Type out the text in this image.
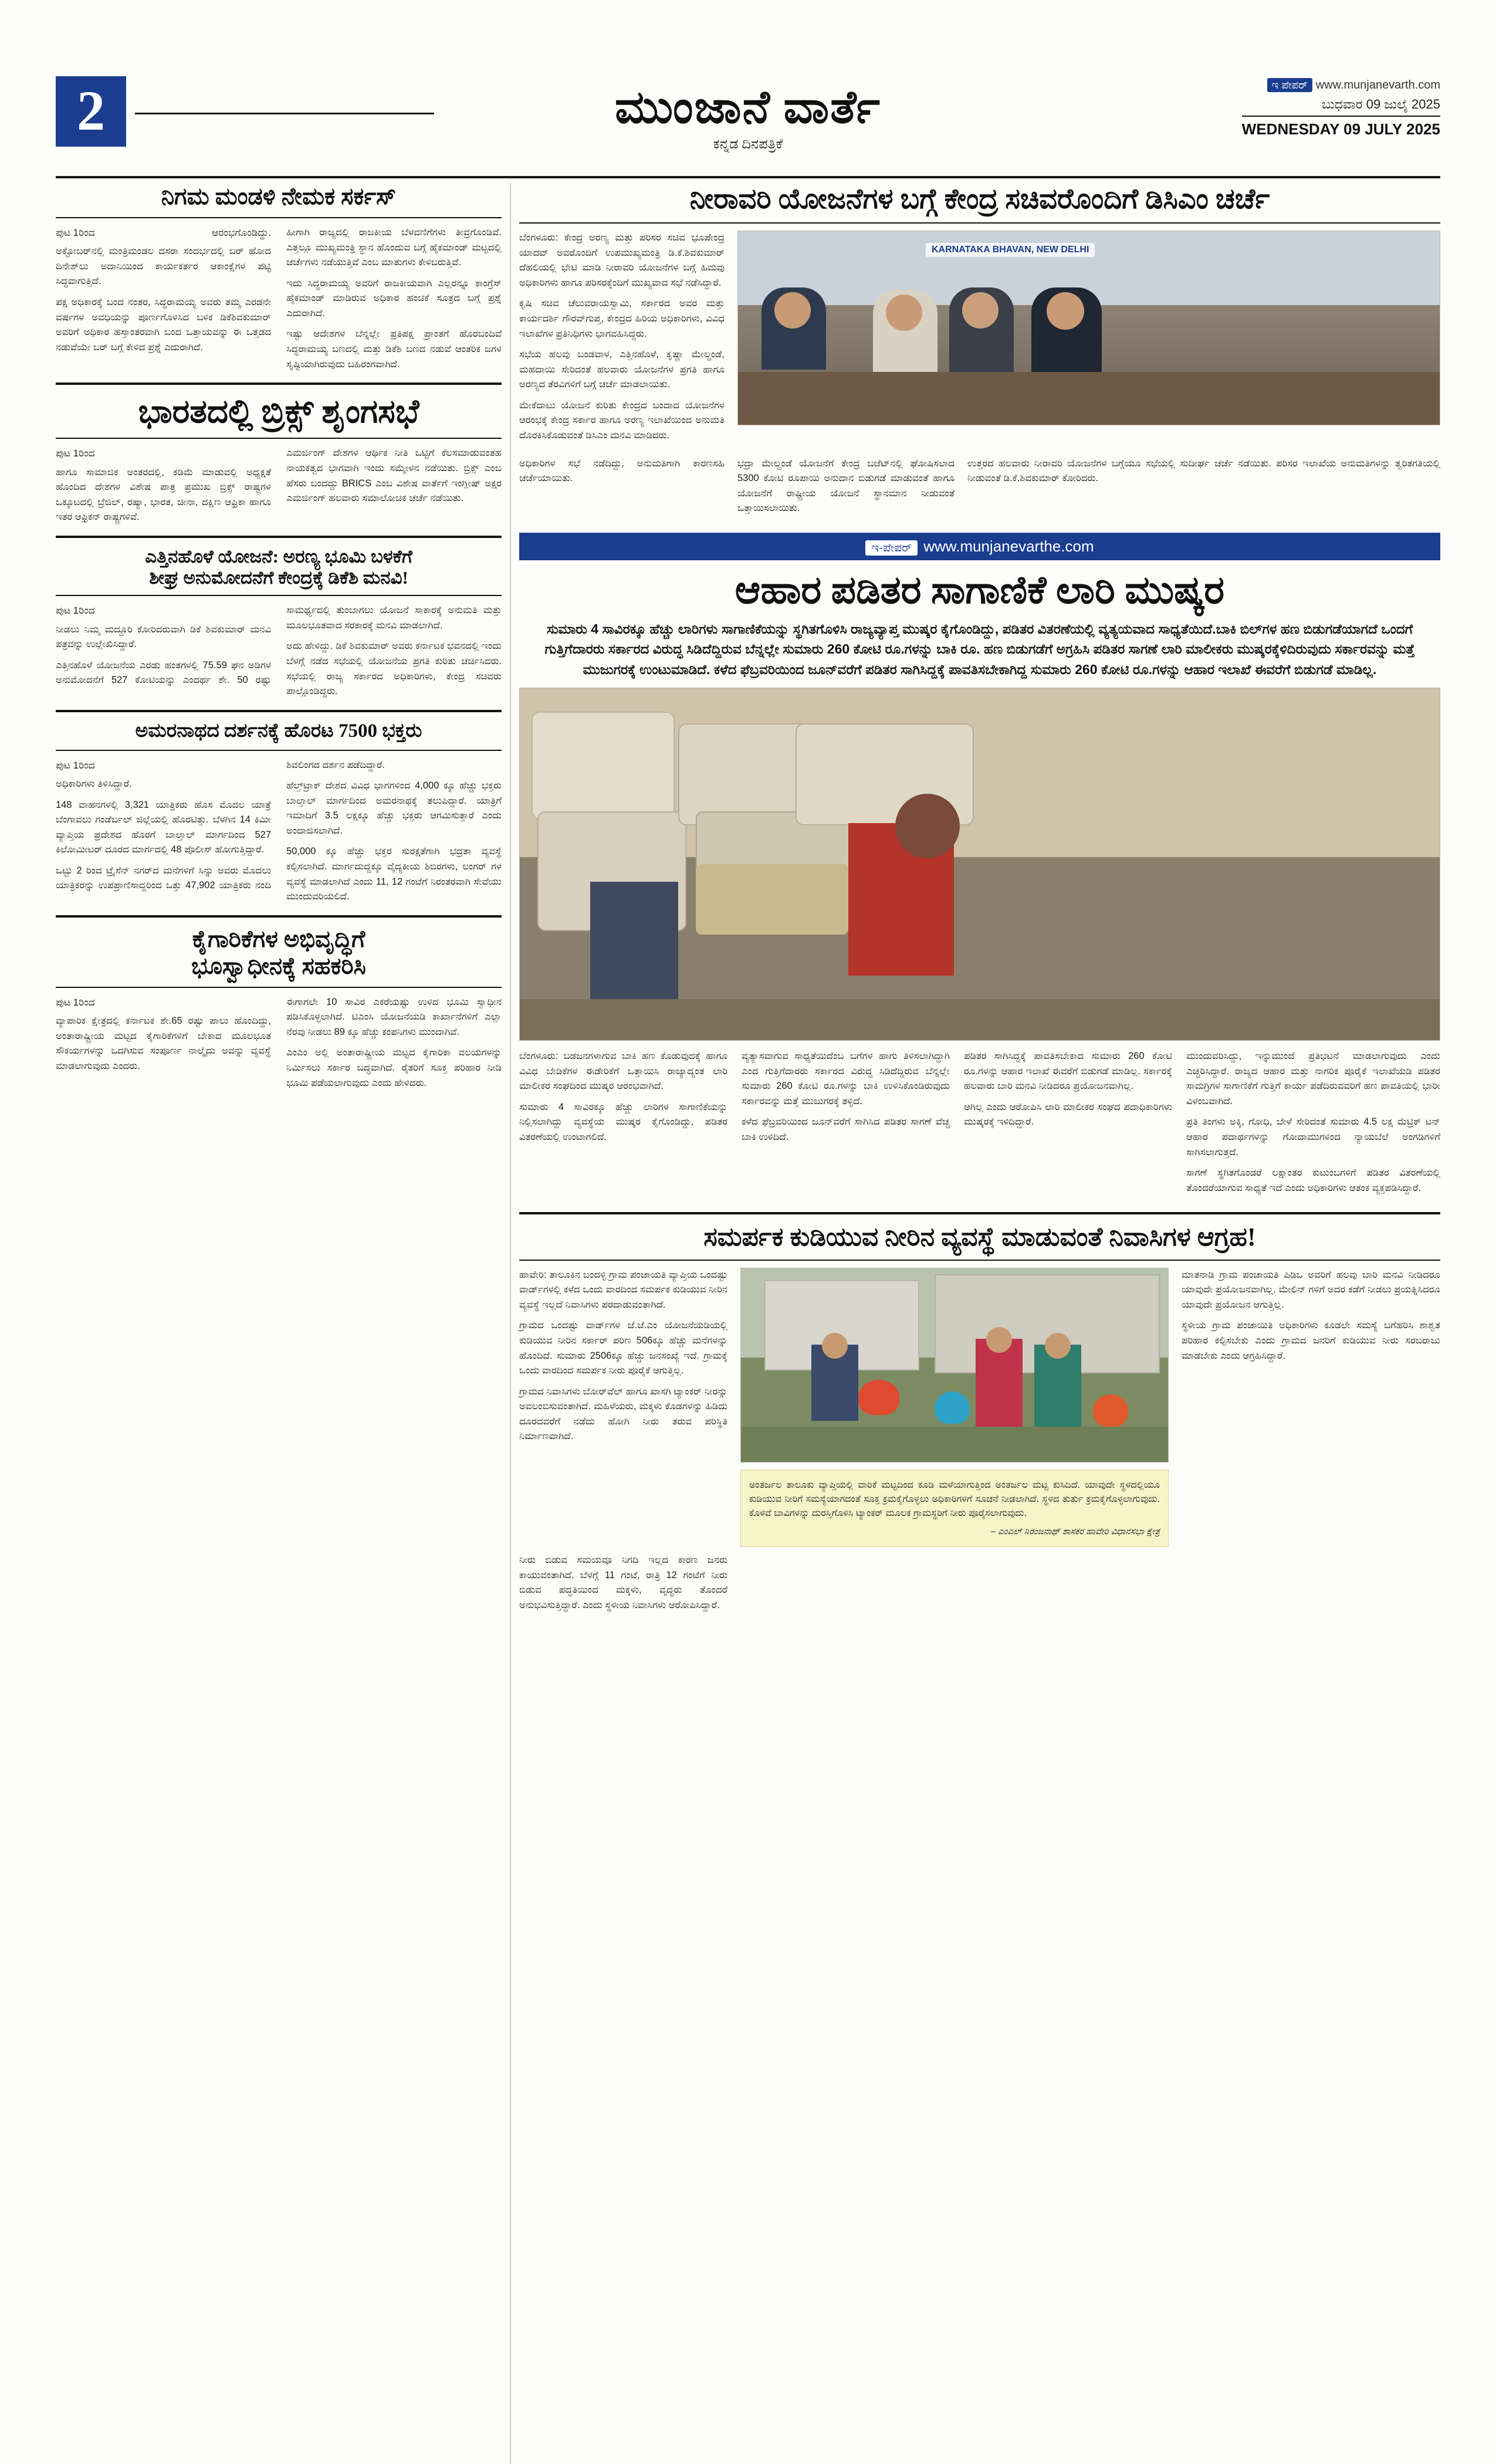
2	ಮುಂಜಾನೆ ವಾರ್ತೆ
ಕನ್ನಡ ದಿನಪತ್ರಿಕೆ
ಇ ಪೇಪರ್ www.munjanevarth.com
ಬುಧವಾರ 09 ಜುಲೈ 2025
WEDNESDAY 09 JULY 2025
ನಿಗಮ ಮಂಡಳಿ ನೇಮಕ ಸರ್ಕಸ್
ಪುಟ 1ರಿಂದ	ಆರಂಭಗೊಂಡಿದ್ದು.

ಅಕ್ಟೋಬರ್‌ನಲ್ಲಿ ಮಂತ್ರಿಮಂಡಲ ದಸರಾ ಸಂದರ್ಭದಲ್ಲಿ ಬರ್ ಹೋದ ದಿನೇಶ್‌ಲು ಅದಾನಿಯಿಂದ ಕಾರ್ಯಕರ್ತರ ಆಕಾಂಕ್ಷೆಗಳ ಪಟ್ಟಿ ಸಿದ್ಧವಾಗುತ್ತಿದೆ.

ಪಕ್ಷ ಅಧಿಕಾರಕ್ಕೆ ಬಂದ ನಂತರ, ಸಿದ್ಧರಾಮಯ್ಯ ಅವರು ತಮ್ಮ ಎರಡನೇ ವರ್ಷಗಳ ಅವಧಿಯನ್ನು ಪೂರ್ಣಗೊಳಿಸಿದ ಬಳಿಕ ಡಿಕೆಶಿವಕುಮಾರ್ ಅವರಿಗೆ ಅಧಿಕಾರ ಹಸ್ತಾಂತರವಾಗಿ ಬಂದ ಒತ್ತಾಯವನ್ನು ಈ ಒತ್ತಡದ ನಡುವೆಯೇ ಬರ್ ಬಗ್ಗೆ ಕೇಳಿದ ಪ್ರಶ್ನೆ ಎದುರಾಗಿದೆ.

ಹೀಗಾಗಿ ರಾಜ್ಯದಲ್ಲಿ ರಾಜಕೀಯ ಬೆಳವಣಿಗೆಗಳು ತೀವ್ರಗೊಂಡಿವೆ. ಎತ್ತಲ್ಲೂ ಮುಖ್ಯಮಂತ್ರಿ ಸ್ಥಾನ ಹೊಂದುವ ಬಗ್ಗೆ ಹೈಕಮಾಂಡ್ ಮಟ್ಟದಲ್ಲಿ ಚರ್ಚೆಗಳು ನಡೆಯುತ್ತಿವೆ ಎಂಬ ಮಾತುಗಳು ಕೇಳಿಬರುತ್ತಿವೆ.

ಇದು ಸಿದ್ಧರಾಮಯ್ಯ ಅವರಿಗೆ ರಾಜಕೀಯವಾಗಿ ಎಲ್ಲರನ್ನೂ ಕಾಂಗ್ರೆಸ್ ಹೈಕಮಾಂಡ್ ಮಾಡಿರುವ ಅಧಿಕಾರ ಹಂಚಿಕೆ ಸೂತ್ರದ ಬಗ್ಗೆ ಪ್ರಶ್ನೆ ಎದುರಾಗಿದೆ.

ಇಷ್ಟು ಆದೇಶಗಳ ಬೆನ್ನಲ್ಲೇ ಪ್ರತಿಪಕ್ಷ ಪ್ರಾಂತಗೆ ಹೊರಬಂದಿವೆ ಸಿದ್ಧರಾಮಯ್ಯ ಬಣದಲ್ಲಿ ಮತ್ತು ಡಿಕೆಶಿ ಬಣದ ನಡುವೆ ಆಂತರಿಕ ಜಗಳ ಸೃಷ್ಟಿಯಾಗಿರುವುದು ಬಹಿರಂಗವಾಗಿದೆ.

ಭಾರತದಲ್ಲಿ ಬ್ರಿಕ್ಸ್ ಶೃಂಗಸಭೆ
ಪುಟ 1ರಿಂದ

ಹಾಗೂ ಸಾಮಾಜಿಕ ಅಂತರದಲ್ಲಿ, ಕಡಿಮೆ ಮಾಡುವಲ್ಲಿ ಅಧ್ಯಕ್ಷತೆ ಹೊಂದಿದ ದೇಶಗಳ ವಿಶೇಷ ಪಾತ್ರ ಪ್ರಮುಖ ಬ್ರಿಕ್ಸ್ ರಾಷ್ಟ್ರಗಳ ಒಕ್ಕೂಟದಲ್ಲಿ ಬ್ರೆಜಿಲ್, ರಷ್ಯಾ, ಭಾರತ, ಚೀನಾ, ದಕ್ಷಿಣ ಆಫ್ರಿಕಾ ಹಾಗೂ ಇತರ ಆಫ್ರಿಕನ್ ರಾಷ್ಟ್ರಗಳಿವೆ.

ಎಮರ್ಜಿಂಗ್ ದೇಶಗಳ ಆರ್ಥಿಕ ನೀತಿ ಒಟ್ಟಿಗೆ ಕೆಲಸಮಾಡುವಂತಹ ನಾಯಕತ್ವದ ಭಾಗವಾಗಿ ಇಂದು ಸಮ್ಮೇಳನ ನಡೆಯಿತು. ಬ್ರಿಕ್ಸ್ ಎಂಬ ಹೆಸರು ಬಂದದ್ದು BRICS ಎಂಬ ವಿಶೇಷ ವಾರ್ತೆಗೆ ಇಂಗ್ಲೀಷ್ ಅಕ್ಷರ ಎಮರ್ಜಿಂಗ್ ಹಲವಾರು ಸಮಾಲೋಚಿಕ ಚರ್ಚೆ ನಡೆಯಿತು.

ಎತ್ತಿನಹೊಳೆ ಯೋಜನೆ: ಅರಣ್ಯ ಭೂಮಿ ಬಳಕೆಗೆ
ಶೀಘ್ರ ಅನುಮೋದನೆಗೆ ಕೇಂದ್ರಕ್ಕೆ ಡಿಕೆಶಿ ಮನವಿ!
ಪುಟ 1ರಿಂದ

ನೀಡಲು ನಿಮ್ಮ ಮದ್ದೂರಿ ಕೋರಿದರುವಾಗಿ ಡಿಕೆ ಶಿವಕುಮಾರ್ ಮನವಿ ಪತ್ರವನ್ನು ಉಲ್ಲೇಖಿಸಿದ್ದಾರೆ.

ಎತ್ತಿನಹೊಳೆ ಯೋಜನೆಯ ಎರಡು ಹಂತಗಳಲ್ಲಿ 75.59 ಘನ ಅಡಿಗಳ ಅನುಮೋದನೆಗೆ 527 ಕೋಟಿಯನ್ನು ಎಂದರ್ಥ ಶೇ. 50 ರಷ್ಟು ಸಾಮರ್ಥ್ಯದಲ್ಲಿ ತುಂಬಾಗಲು ಯೋಜನೆ ಸಾಕಾರಕ್ಕೆ ಅನುಮತಿ ಮತ್ತು ಮೂಲಭೂತವಾದ ಸರಕಾರಕ್ಕೆ ಮನವಿ ಮಾಡಲಾಗಿದೆ.

ಅದು ಹೇಳಿದ್ದು. ಡಿಕೆ ಶಿವಕುಮಾರ್ ಅವರು ಕರ್ನಾಟಕ ಭವನದಲ್ಲಿ ಇಂದು ಬೆಳಗ್ಗೆ ನಡೆದ ಸಭೆಯಲ್ಲಿ ಯೋಜನೆಯ ಪ್ರಗತಿ ಕುರಿತು ಚರ್ಚಿಸಿದರು. ಸಭೆಯಲ್ಲಿ ರಾಜ್ಯ ಸರ್ಕಾರದ ಅಧಿಕಾರಿಗಳು, ಕೇಂದ್ರ ಸಚಿವರು ಪಾಲ್ಗೊಂಡಿದ್ದರು.

ಅಮರನಾಥದ ದರ್ಶನಕ್ಕೆ ಹೊರಟ 7500 ಭಕ್ತರು
ಪುಟ 1ರಿಂದ

ಅಧಿಕಾರಿಗಳು ತಿಳಿಸಿದ್ದಾರೆ.

148 ವಾಹನಗಳಲ್ಲಿ 3,321 ಯಾತ್ರಿಕರು ಹೊಸ ಮೊದಲ ಯಾತ್ರೆ ಬೆಂಗಾವಲು ಗಂಡೆರ್ಬಲ್ ಜಿಲ್ಲೆಯಲ್ಲಿ ಹೊರಟಿತ್ತು. ಬೆಳಗಿನ 14 ಕಿಮೀ ವ್ಯಾಪ್ತಿಯ ಪ್ರದೇಶದ ಹೊರಗೆ ಬಾಲ್ತಾಲ್ ಮಾರ್ಗದಿಂದ 527 ಕಿಲೋಮೀಟರ್ ದೂರದ ಮಾರ್ಗದಲ್ಲಿ 48 ಪೊಲೀಸ್ ಹೋಗುತ್ತಿದ್ದಾರೆ.

ಒಟ್ಟು 2 ರಿಂದ ಟ್ರೈಸೆನ್ ನಗರ್‌ದ ಮನೆಗಳಿಗೆ ಸಿನ್ನು ಅವರು ಮೊದಲು ಯಾತ್ರಿಕರನ್ನು ಉಪಪ್ರಾಣಿಸಾದ್ದರಿಂದ ಒತ್ತು 47,902 ಯಾತ್ರಿಕರು ನಂದಿ ಶಿವಲಿಂಗದ ದರ್ಶನ ಪಡೆದಿದ್ದಾರೆ.

ಹೆಲ್ತ್‌ಟ್ರಾಕ್ ದೇಶದ ವಿವಿಧ ಭಾಗಗಳಿಂದ 4,000 ಕ್ಕೂ ಹೆಚ್ಚು ಭಕ್ತರು ಬಾಲ್ತಾಲ್ ಮಾರ್ಗದಿಂದ ಅಮರನಾಥಕ್ಕೆ ತಲುಪಿದ್ದಾರೆ. ಯಾತ್ರಿಗೆ ಇಮಾದಿಗೆ 3.5 ಲಕ್ಷಕ್ಕೂ ಹೆಚ್ಚು ಭಕ್ತರು ಆಗಮಿಸುತ್ತಾರೆ ಎಂದು ಅಂದಾಜಿಸಲಾಗಿದೆ.

50,000 ಕ್ಕೂ ಹೆಚ್ಚು ಭಕ್ತರ ಸುರಕ್ಷತೆಗಾಗಿ ಭದ್ರತಾ ವ್ಯವಸ್ಥೆ ಕಲ್ಪಿಸಲಾಗಿದೆ. ಮಾರ್ಗದುದ್ದಕ್ಕೂ ವೈದ್ಯಕೀಯ ಶಿಬಿರಗಳು, ಲಂಗರ್ ಗಳ ವ್ಯವಸ್ಥೆ ಮಾಡಲಾಗಿದೆ ಎಂದು 11, 12 ಗಂಟೆಗೆ ನಿರಂತರವಾಗಿ ಸೇವೆಯು ಮುಂದುವರಿಯಲಿದೆ.

ಕೈಗಾರಿಕೆಗಳ ಅಭಿವೃದ್ಧಿಗೆ
ಭೂಸ್ವಾಧೀನಕ್ಕೆ ಸಹಕರಿಸಿ
ಪುಟ 1ರಿಂದ

ವ್ಯಾಪಾರಿಕ ಕ್ಷೇತ್ರದಲ್ಲಿ ಕರ್ನಾಟಕ ಶೇ.65 ರಷ್ಟು ಪಾಲು ಹೊಂದಿದ್ದು, ಅಂತಾರಾಷ್ಟ್ರೀಯ ಮಟ್ಟದ ಕೈಗಾರಿಕೆಗಳಿಗೆ ಬೇಕಾದ ಮೂಲಭೂತ ಸೌಕರ್ಯಗಳನ್ನು ಒದಗಿಸುವ ಸಂಪೂರ್ಣ ನಾಲ್ಕೈದು ಅವನ್ನು ವ್ಯವಸ್ಥೆ ಮಾಡಲಾಗುವುದು ಎಂದರು.

ಈಗಾಗಲೇ 10 ಸಾವಿರ ಎಕರೆಯಷ್ಟು ಉಳಿದ ಭೂಮಿ ಸ್ವಾಧೀನ ಪಡಿಸಿಕೊಳ್ಳಲಾಗಿದೆ. ಟಿಎಂಸಿ ಯೋಜನೆಯಡಿ ಕಾರ್ಖಾನೆಗಳಿಗೆ ಎಲ್ಲಾ ನೆರವು ನೀಡಲು 89 ಕ್ಕೂ ಹೆಚ್ಚು ಕಂಪನಿಗಳು ಮುಂದಾಗಿವೆ.

ಎಂಎಂ ಅಲ್ಲಿ ಅಂತಾರಾಷ್ಟ್ರೀಯ ಮಟ್ಟದ ಕೈಗಾರಿಕಾ ವಲಯಗಳನ್ನು ನಿರ್ಮಿಸಲು ಸರ್ಕಾರ ಬದ್ಧವಾಗಿದೆ. ರೈತರಿಗೆ ಸೂಕ್ತ ಪರಿಹಾರ ನೀಡಿ ಭೂಮಿ ಪಡೆಯಲಾಗುವುದು ಎಂದು ಹೇಳಿದರು.

ನೀರಾವರಿ ಯೋಜನೆಗಳ ಬಗ್ಗೆ ಕೇಂದ್ರ ಸಚಿವರೊಂದಿಗೆ ಡಿಸಿಎಂ ಚರ್ಚೆ

ಬೆಂಗಳೂರು: ಕೇಂದ್ರ ಅರಣ್ಯ ಮತ್ತು ಪರಿಸರ ಸಚಿವ ಭೂಪೇಂದ್ರ ಯಾದವ್ ಅವರೊಂದಿಗೆ ಉಪಮುಖ್ಯಮಂತ್ರಿ ಡಿ.ಕೆ.ಶಿವಕುಮಾರ್ ದೆಹಲಿಯಲ್ಲಿ ಭೇಟಿ ಮಾಡಿ ನೀರಾವರಿ ಯೋಜನೆಗಳ ಬಗ್ಗೆ ಹಿಮವು ಅಧಿಕಾರಿಗಳು ಹಾಗೂ ಪರಿಸರಕ್ಕೆಂದಿಗೆ ಮುಖ್ಯವಾದ ಸಭೆ ನಡೆಸಿದ್ದಾರೆ.

ಕೃಷಿ ಸಚಿವ ಚೆಲುವರಾಯಸ್ವಾಮಿ, ಸರ್ಕಾರದ ಅವರ ಮತ್ತು ಕಾರ್ಯದರ್ಶಿ ಗೌರವ್‌ಗುಪ್ತ, ಕೇಂದ್ರದ ಹಿರಿಯ ಅಧಿಕಾರಿಗಳು, ವಿವಿಧ ಇಲಾಖೆಗಳ ಪ್ರತಿನಿಧಿಗಳು ಭಾಗವಹಿಸಿದ್ದರು.

ಸಭೆಯ ಹಲವು ಬಂಡವಾಳ, ಎತ್ತಿನಹೊಳೆ, ಕೃಷ್ಣಾ ಮೇಲ್ದಂಡೆ, ಮಹದಾಯಿ ಸೇರಿದಂತೆ ಹಲವಾರು ಯೋಜನೆಗಳ ಪ್ರಗತಿ ಹಾಗೂ ಅರಣ್ಯದ ತೆರವಿಗಳಿಗೆ ಬಗ್ಗೆ ಚರ್ಚೆ ಮಾಡಲಾಯಿತು.

ಮೇಕೆದಾಟು ಯೋಜನೆ ಕುರಿತು ಕೇಂದ್ರದ ಬಂದಾದ ಯೋಜನೆಗಳ ಆರಂಭಕ್ಕೆ ಕೇಂದ್ರ ಸರ್ಕಾರ ಹಾಗೂ ಅರಣ್ಯ ಇಲಾಖೆಯಿಂದ ಅನುಮತಿ ದೊರಕಿಸಿಕೊಡುವಂತೆ ಡಿಸಿಎಂ ಮನವಿ ಮಾಡಿದರು.

KARNATAKA BHAVAN, NEW DELHI

ಅಧಿಕಾರಿಗಳ ಸಭೆ ನಡೆದಿದ್ದು, ಅನುಮತಿಗಾಗಿ ಕಾರಣಸಹಿ ಚರ್ಚೆಯಾಯಿತು.

ಭದ್ರಾ ಮೇಲ್ದಂಡೆ ಯೋಜನೆಗೆ ಕೇಂದ್ರ ಬಜೆಟ್‌ನಲ್ಲಿ ಘೋಷಿಸಲಾದ 5300 ಕೋಟಿ ರೂಪಾಯಿ ಅನುದಾನ ಬಿಡುಗಡೆ ಮಾಡುವಂತೆ ಹಾಗೂ ಯೋಜನೆಗೆ ರಾಷ್ಟ್ರೀಯ ಯೋಜನೆ ಸ್ಥಾನಮಾನ ನೀಡುವಂತೆ ಒತ್ತಾಯಿಸಲಾಯಿತು.

ಉತ್ತರದ ಹಲವಾರು ನೀರಾವರಿ ಯೋಜನೆಗಳ ಬಗ್ಗೆಯೂ ಸಭೆಯಲ್ಲಿ ಸುದೀರ್ಘ ಚರ್ಚೆ ನಡೆಯಿತು. ಪರಿಸರ ಇಲಾಖೆಯ ಅನುಮತಿಗಳನ್ನು ತ್ವರಿತಗತಿಯಲ್ಲಿ ನೀಡುವಂತೆ ಡಿ.ಕೆ.ಶಿವಕುಮಾರ್ ಕೋರಿದರು.

ಇ-ಪೇಪರ್ www.munjanevarthe.com
ಆಹಾರ ಪಡಿತರ ಸಾಗಾಣಿಕೆ ಲಾರಿ ಮುಷ್ಕರ
ಸುಮಾರು 4 ಸಾವಿರಕ್ಕೂ ಹೆಚ್ಚು ಲಾರಿಗಳು ಸಾಗಾಣಿಕೆಯನ್ನು ಸ್ಥಗಿತಗೊಳಿಸಿ ರಾಜ್ಯವ್ಯಾಪ್ತ ಮುಷ್ಕರ ಕೈಗೊಂಡಿದ್ದು, ಪಡಿತರ ವಿತರಣೆಯಲ್ಲಿ ವ್ಯತ್ಯಯವಾದ ಸಾಧ್ಯತೆಯಿದೆ.ಬಾಕಿ ಬಿಲ್‌ಗಳ ಹಣ ಬಿಡುಗಡೆಯಾಗದೆ ಒಂದಗೆ ಗುತ್ತಿಗೆದಾರರು ಸರ್ಕಾರದ ವಿರುದ್ಧ ಸಿಡಿದೆದ್ದಿರುವ ಬೆನ್ನಲ್ಲೇ ಸುಮಾರು 260 ಕೋಟಿ ರೂ.ಗಳನ್ನು ಬಾಕಿ ರೂ. ಹಣ ಬಿಡುಗಡೆಗೆ ಅಗ್ರಹಿಸಿ ಪಡಿತರ ಸಾಗಣೆ ಲಾರಿ ಮಾಲೀಕರು ಮುಷ್ಕರಕ್ಕೆಳಿದಿರುವುದು ಸರ್ಕಾರವನ್ನು ಮತ್ತೆ ಮುಜುಗರಕ್ಕೆ ಉಂಟುಮಾಡಿದೆ. ಕಳೆದ ಫೆಬ್ರವರಿಯಿಂದ ಜೂನ್‌ವರೆಗೆ ಪಡಿತರ ಸಾಗಿಸಿದ್ದಕ್ಕೆ ಪಾವತಿಸಬೇಕಾಗಿದ್ದ ಸುಮಾರು 260 ಕೋಟಿ ರೂ.ಗಳನ್ನು ಆಹಾರ ಇಲಾಖೆ ಈವರೆಗೆ ಬಿಡುಗಡೆ ಮಾಡಿಲ್ಲ.

ಬೆಂಗಳೂರು: ಬಡಜನಗಳಾಗುವ ಬಾಕಿ ಹಣ ಕೊಡುವುದಕ್ಕೆ ಹಾಗೂ ವಿವಿಧ ಬೇಡಿಕೆಗಳ ಈಡೇರಿಕೆಗೆ ಒತ್ತಾಯಿಸಿ ರಾಜ್ಯಾದ್ಯಂತ ಲಾರಿ ಮಾಲೀಕರ ಸಂಘದಿಂದ ಮುಷ್ಕರ ಆರಂಭವಾಗಿದೆ.

ಸುಮಾರು 4 ಸಾವಿರಕ್ಕೂ ಹೆಚ್ಚು ಲಾರಿಗಳ ಸಾಗಾಣಿಕೆಯನ್ನು ನಿಲ್ಲಿಸಲಾಗಿದ್ದು ವ್ಯವಸ್ಥೆಯ ಮುಷ್ಕರ ಕೈಗೊಂಡಿದ್ದು, ಪಡಿತರ ವಿತರಣೆಯಲ್ಲಿ ಉಂಟಾಗಲಿದೆ.

ವ್ಯತ್ಯಾಸವಾಗುವ ಸಾಧ್ಯತೆಯಿದೆಂಬ ಬಗೆಗಳ ಹಾಗು ತಿಳಿಸಲಾಗಿದ್ದಾಗಿ ಎಂದ ಗುತ್ತಿಗೆದಾರರು ಸರ್ಕಾರದ ವಿರುದ್ಧ ಸಿಡಿದೆದ್ದಿರುವ ಬೆನ್ನಲ್ಲೇ ಸುಮಾರು 260 ಕೋಟಿ ರೂ.ಗಳನ್ನು ಬಾಕಿ ಉಳಿಸಿಕೊಂಡಿರುವುದು ಸರ್ಕಾರವನ್ನು ಮತ್ತೆ ಮುಜುಗರಕ್ಕೆ ತಳ್ಳಿದೆ.

ಕಳೆದ ಫೆಬ್ರವರಿಯಿಂದ ಜೂನ್‌ವರೆಗೆ ಸಾಗಿಸಿದ ಪಡಿತರ ಸಾಗಣೆ ವೆಚ್ಚ ಬಾಕಿ ಉಳಿದಿದೆ.

ಪಡಿತರ ಸಾಗಿಸಿದ್ದಕ್ಕೆ ಪಾವತಿಸಬೇಕಾದ ಸುಮಾರು 260 ಕೋಟಿ ರೂ.ಗಳನ್ನು ಆಹಾರ ಇಲಾಖೆ ಈವರೆಗೆ ಬಿಡುಗಡೆ ಮಾಡಿಲ್ಲ. ಸರ್ಕಾರಕ್ಕೆ ಹಲವಾರು ಬಾರಿ ಮನವಿ ನೀಡಿದರೂ ಪ್ರಯೋಜನವಾಗಿಲ್ಲ.

ಆಗಿಲ್ಲ ಎಂದು ಆರೋಪಿಸಿ ಲಾರಿ ಮಾಲೀಕರ ಸಂಘದ ಪದಾಧಿಕಾರಿಗಳು ಮುಷ್ಕರಕ್ಕೆ ಇಳಿದಿದ್ದಾರೆ.

ಮುಂದುವರಿಸಿದ್ದು, ಇನ್ನುಮುಂದೆ ಪ್ರತಿಭಟನೆ ಮಾಡಲಾಗುವುದು ಎಂದು ಎಚ್ಚರಿಸಿದ್ದಾರೆ. ರಾಜ್ಯದ ಆಹಾರ ಮತ್ತು ನಾಗರಿಕ ಪೂರೈಕೆ ಇಲಾಖೆಯಡಿ ಪಡಿತರ ಸಾಮಗ್ರಿಗಳ ಸಾಗಾಣಿಕೆಗೆ ಗುತ್ತಿಗೆ ಕಾರ್ಯ ಪಡೆದಿರುವವರಿಗೆ ಹಣ ಪಾವತಿಯಲ್ಲಿ ಭಾರೀ ವಿಳಂಬವಾಗಿದೆ.

ಪ್ರತಿ ತಿಂಗಳು ಅಕ್ಕಿ, ಗೋಧಿ, ಬೇಳೆ ಸೇರಿದಂತೆ ಸುಮಾರು 4.5 ಲಕ್ಷ ಮೆಟ್ರಿಕ್ ಟನ್ ಆಹಾರ ಪದಾರ್ಥಗಳನ್ನು ಗೋದಾಮುಗಳಿಂದ ನ್ಯಾಯಬೆಲೆ ಅಂಗಡಿಗಳಿಗೆ ಸಾಗಿಸಲಾಗುತ್ತದೆ.

ಸಾಗಣೆ ಸ್ಥಗಿತಗೊಂಡರೆ ಲಕ್ಷಾಂತರ ಕುಟುಂಬಗಳಿಗೆ ಪಡಿತರ ವಿತರಣೆಯಲ್ಲಿ ತೊಂದರೆಯಾಗುವ ಸಾಧ್ಯತೆ ಇದೆ ಎಂದು ಅಧಿಕಾರಿಗಳು ಆತಂಕ ವ್ಯಕ್ತಪಡಿಸಿದ್ದಾರೆ.

ಸಮರ್ಪಕ ಕುಡಿಯುವ ನೀರಿನ ವ್ಯವಸ್ಥೆ ಮಾಡುವಂತೆ ನಿವಾಸಿಗಳ ಆಗ್ರಹ!

ಹಾವೇರಿ: ತಾಲೂಕಿನ ಬಂದಳ್ಳಿ ಗ್ರಾಮ ಪಂಚಾಯತಿ ವ್ಯಾಪ್ತಿಯ ಒಂದಷ್ಟು ವಾರ್ಡ್‌ಗಳಲ್ಲಿ ಕಳೆದ ಒಂದು ವಾರದಿಂದ ಸಮರ್ಪಕ ಕುಡಿಯುವ ನೀರಿನ ವ್ಯವಸ್ಥೆ ಇಲ್ಲದೆ ನಿವಾಸಿಗಳು ಪರದಾಡುವಂತಾಗಿದೆ.

ಗ್ರಾಮದ ಒಂದಷ್ಟು ವಾರ್ಡ್‌ಗಳ ಜೆ.ಜೆ.ಎಂ ಯೋಜನೆಯಡಿಯಲ್ಲಿ ಕುಡಿಯುವ ನೀರಿನ ಸರ್ಕಾರ್ ಪರಿಣ 506ಕ್ಕೂ ಹೆಚ್ಚು ಮನೆಗಳನ್ನು ಹೊಂದಿದೆ. ಸುಮಾರು 2506ಕ್ಕೂ ಹೆಚ್ಚು ಜನಸಂಖ್ಯೆ ಇದೆ. ಗ್ರಾಮಕ್ಕೆ ಒಂದು ವಾರದಿಂದ ಸಮರ್ಪಕ ನೀರು ಪೂರೈಕೆ ಆಗುತ್ತಿಲ್ಲ.

ಗ್ರಾಮದ ನಿವಾಸಿಗಳು ಬೋರ್‌ವೆಲ್ ಹಾಗೂ ಖಾಸಗಿ ಟ್ಯಾಂಕರ್ ನೀರನ್ನು ಅವಲಂಬಿಸುವಂತಾಗಿದೆ. ಮಹಿಳೆಯರು, ಮಕ್ಕಳು ಕೊಡಗಳನ್ನು ಹಿಡಿದು ದೂರದವರೆಗೆ ನಡೆದು ಹೋಗಿ ನೀರು ತರುವ ಪರಿಸ್ಥಿತಿ ನಿರ್ಮಾಣವಾಗಿದೆ.

ಅಂತರ್ಜಲ ತಾಲೂಕು ವ್ಯಾಪ್ತಿಯಲ್ಲಿ ವಾರಿಕೆ ಮಟ್ಟದಿಂದ ಕೂಡಿ ಮಳೆಯಾಗುತ್ತಿಂದ ಅಂತರ್ಜಲ ಮಟ್ಟ ಕುಸಿದಿದೆ. ಯಾವುದೇ ಸ್ಥಳದಲ್ಲಿಯೂ ಕುಡಿಯುವ ನೀರಿಗೆ ಸಮಸ್ಯೆಯಾಗದಂತೆ ಸೂಕ್ತ ಕ್ರಮಕೈಗೊಳ್ಳಲು ಅಧಿಕಾರಿಗಳಿಗೆ ಸೂಚನೆ ನೀಡಲಾಗಿದೆ. ಸ್ಥಳದ ತುರ್ತು ಕ್ರಮಕೈಗೊಳ್ಳಲಾಗುವುದು. ಕೊಳವೆ ಬಾವಿಗಳನ್ನು ದುರಸ್ತಿಗೊಳಿಸಿ ಟ್ಯಾಂಕರ್ ಮೂಲಕ ಗ್ರಾಮಸ್ಥರಿಗೆ ನೀರು ಪೂರೈಸಲಾಗುವುದು.
– ಎಂಎಲ್ ನಿರಂಜನಾಥ್ ಶಾಸಕರ ಹಾವೇರಿ ವಿಧಾನಸಭಾ ಕ್ಷೇತ್ರ

ಮಾತನಾಡಿ ಗ್ರಾಮ ಪಂಚಾಯತಿ ಪಿಡಿಒ ಅವರಿಗೆ ಹಲವು ಬಾರಿ ಮನವಿ ನೀಡಿದರೂ ಯಾವುದೇ ಪ್ರಯೋಜನವಾಗಿಲ್ಲ. ಮೇಲಿನ್ ಗಳಿಗೆ ಅದರ ಕಡೆಗೆ ನೀಡಲು ಪ್ರಯತ್ನಿಸಿದರೂ ಯಾವುದೇ ಪ್ರಯೋಜನ ಆಗುತ್ತಿಲ್ಲ.

ಸ್ಥಳೀಯ ಗ್ರಾಮ ಪಂಚಾಯಿತಿ ಅಧಿಕಾರಿಗಳು ಕೂಡಲೇ ಸಮಸ್ಯೆ ಬಗೆಹರಿಸಿ ಶಾಶ್ವತ ಪರಿಹಾರ ಕಲ್ಪಿಸಬೇಕು ಎಂದು ಗ್ರಾಮದ ಜನರಿಗೆ ಕುಡಿಯುವ ನೀರು ಸರಬರಾಜು ಮಾಡಬೇಕು ಎಂದು ಆಗ್ರಹಿಸಿದ್ದಾರೆ.

ನೀರು ಬಿಡುವ ಸಮಯವೂ ನಿಗದಿ ಇಲ್ಲದ ಕಾರಣ ಜನರು ಕಾಯುವಂತಾಗಿದೆ. ಬೆಳಗ್ಗೆ 11 ಗಂಟೆ, ರಾತ್ರಿ 12 ಗಂಟೆಗೆ ನೀರು ಬಿಡುವ ಪದ್ಧತಿಯಿಂದ ಮಕ್ಕಳು, ವೃದ್ಧರು ತೊಂದರೆ ಅನುಭವಿಸುತ್ತಿದ್ದಾರೆ. ಎಂದು ಸ್ಥಳೀಯ ನಿವಾಸಿಗಳು ಆರೋಪಿಸಿದ್ದಾರೆ.
